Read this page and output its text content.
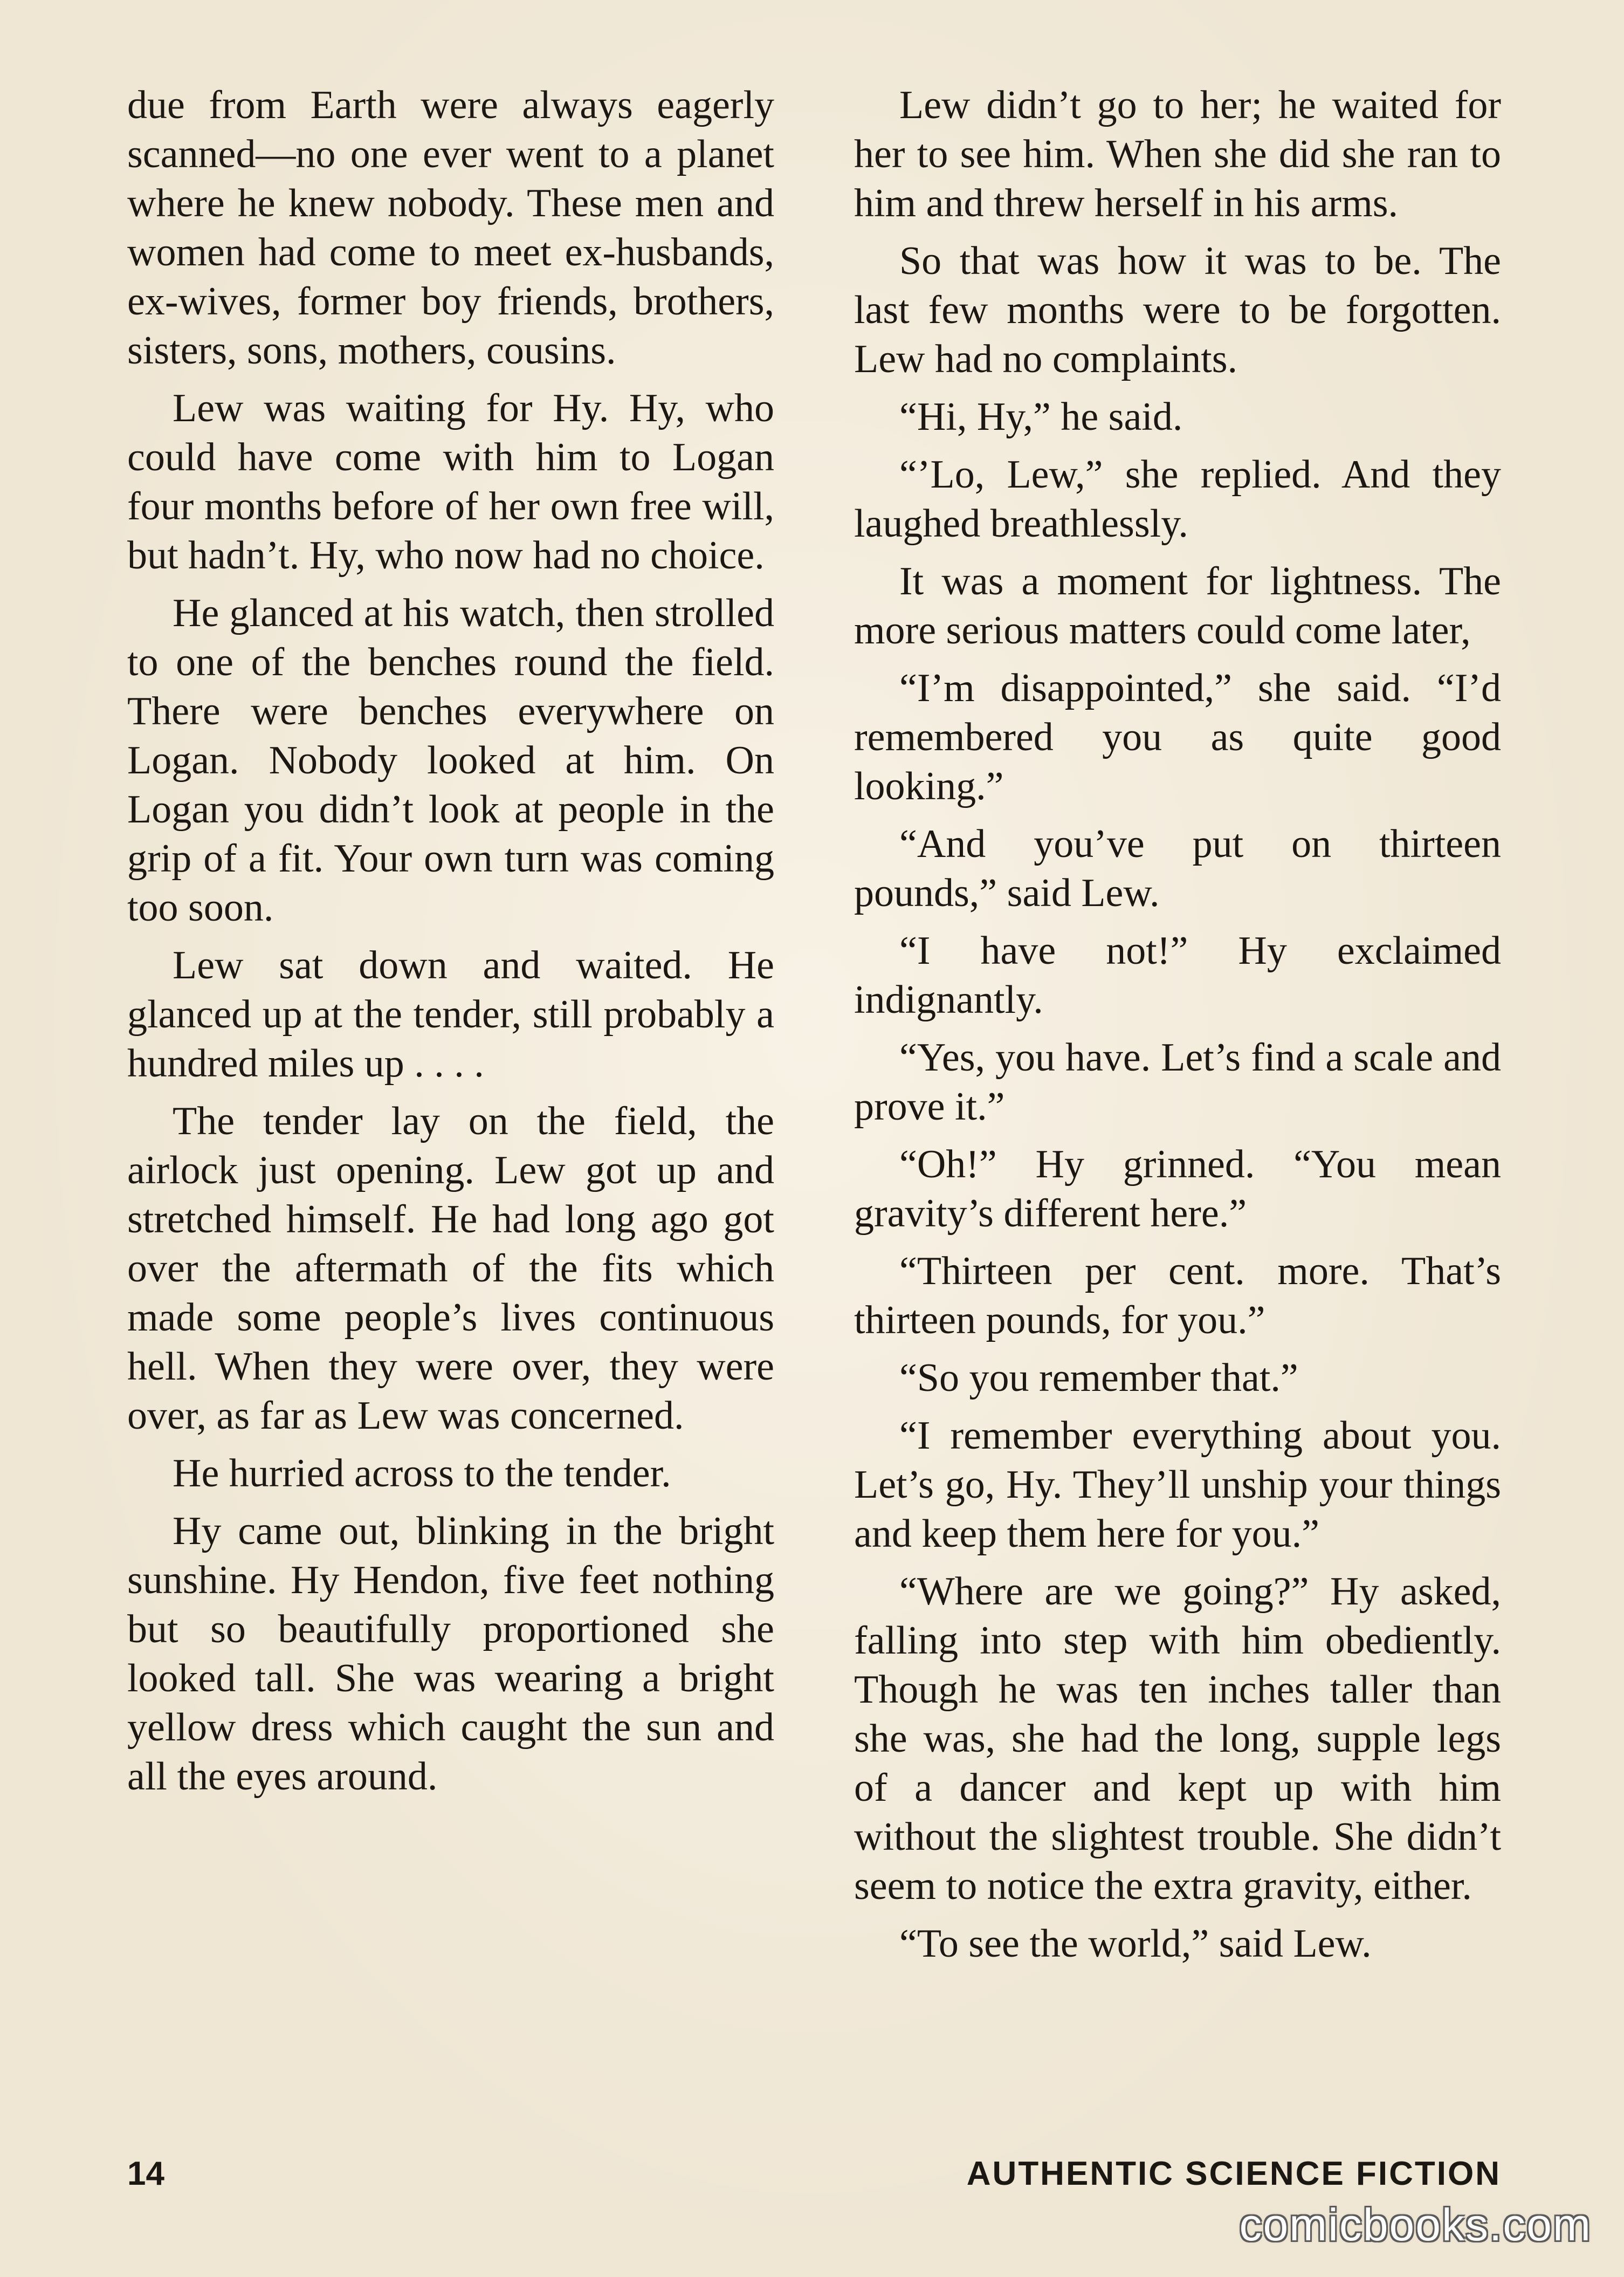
due from Earth were always eagerly scanned—no one ever went to a planet where he knew nobody. These men and women had come to meet ex-husbands, ex-wives, former boy friends, brothers, sisters, sons, mothers, cousins.

Lew was waiting for Hy. Hy, who could have come with him to Logan four months before of her own free will, but hadn’t. Hy, who now had no choice.

He glanced at his watch, then strolled to one of the benches round the field. There were benches everywhere on Logan. Nobody looked at him. On Logan you didn’t look at people in the grip of a fit. Your own turn was coming too soon.

Lew sat down and waited. He glanced up at the tender, still probably a hundred miles up . . . .

The tender lay on the field, the airlock just opening. Lew got up and stretched himself. He had long ago got over the aftermath of the fits which made some people’s lives continuous hell. When they were over, they were over, as far as Lew was concerned.

He hurried across to the tender.

Hy came out, blinking in the bright sunshine. Hy Hendon, five feet nothing but so beautifully proportioned she looked tall. She was wearing a bright yellow dress which caught the sun and all the eyes around.

Lew didn’t go to her; he waited for her to see him. When she did she ran to him and threw herself in his arms.

So that was how it was to be. The last few months were to be forgotten. Lew had no complaints.

“Hi, Hy,” he said.

“’Lo, Lew,” she replied. And they laughed breathlessly.

It was a moment for lightness. The more serious matters could come later,

“I’m disappointed,” she said. “I’d remembered you as quite good looking.”

“And you’ve put on thirteen pounds,” said Lew.

“I have not!” Hy exclaimed indignantly.

“Yes, you have. Let’s find a scale and prove it.”

“Oh!” Hy grinned. “You mean gravity’s different here.”

“Thirteen per cent. more. That’s thirteen pounds, for you.”

“So you remember that.”

“I remember everything about you. Let’s go, Hy. They’ll unship your things and keep them here for you.”

“Where are we going?” Hy asked, falling into step with him obediently. Though he was ten inches taller than she was, she had the long, supple legs of a dancer and kept up with him without the slightest trouble. She didn’t seem to notice the extra gravity, either.

“To see the world,” said Lew.

14	AUTHENTIC SCIENCE FICTION
comicbooks.com
